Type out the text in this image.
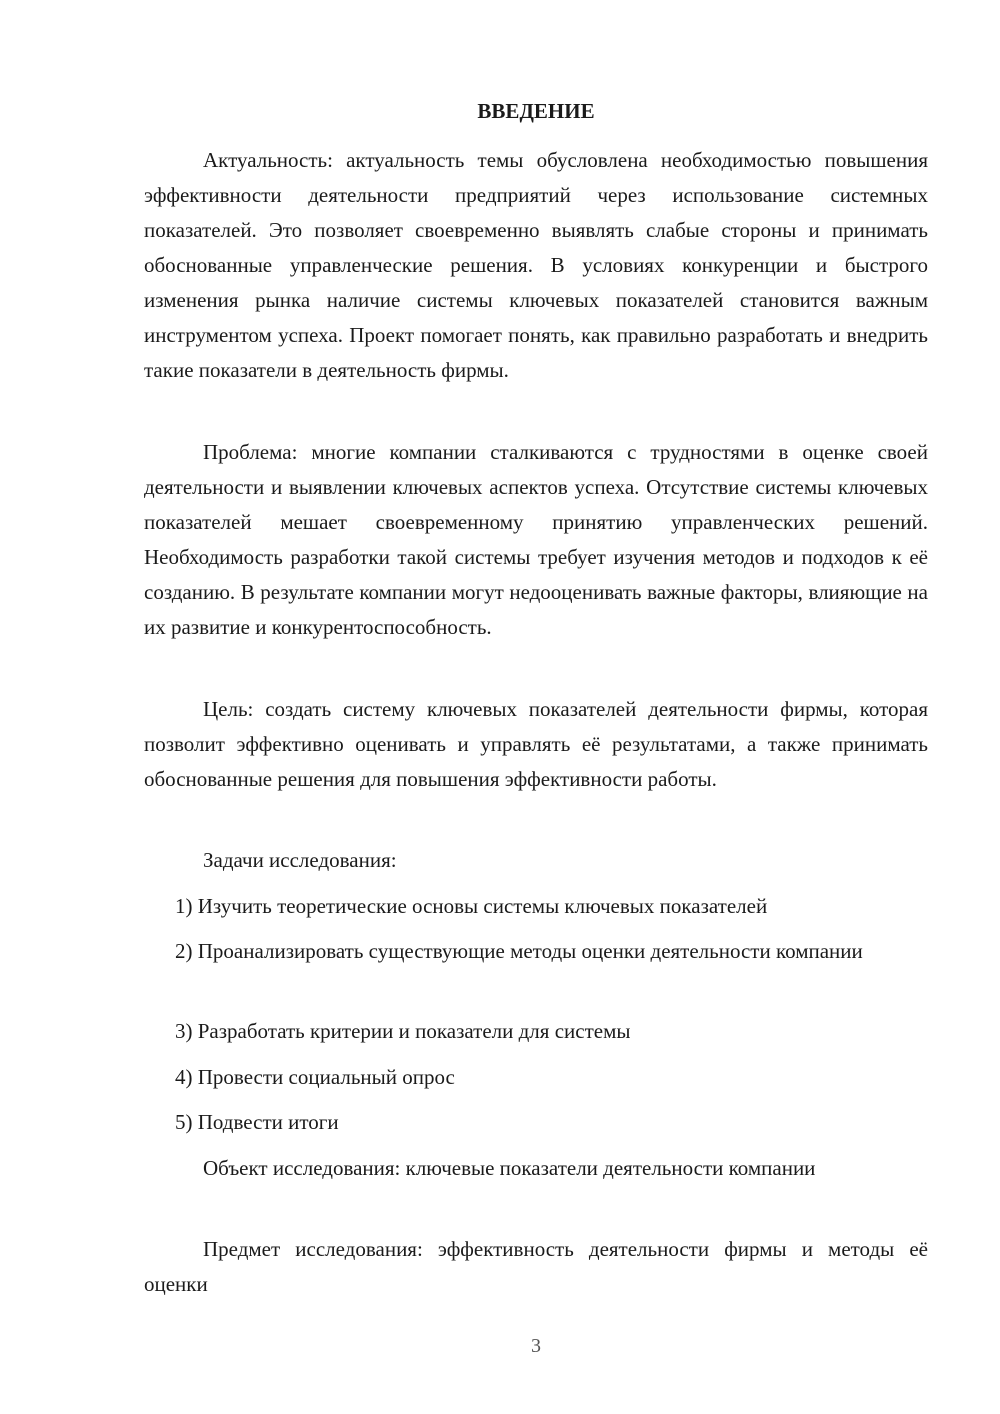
ВВЕДЕНИЕ

Актуальность: актуальность темы обусловлена необходимостью повышения эффективности деятельности предприятий через использование системных показателей. Это позволяет своевременно выявлять слабые стороны и принимать обоснованные управленческие решения. В условиях конкуренции и быстрого изменения рынка наличие системы ключевых показателей становится важным инструментом успеха. Проект помогает понять, как правильно разработать и внедрить такие показатели в деятельность фирмы.

Проблема: многие компании сталкиваются с трудностями в оценке своей деятельности и выявлении ключевых аспектов успеха. Отсутствие системы ключевых показателей мешает своевременному принятию управленческих решений. Необходимость разработки такой системы требует изучения методов и подходов к её созданию. В результате компании могут недооценивать важные факторы, влияющие на их развитие и конкурентоспособность.

Цель: создать систему ключевых показателей деятельности фирмы, которая позволит эффективно оценивать и управлять её результатами, а также принимать обоснованные решения для повышения эффективности работы.

Задачи исследования:

1) Изучить теоретические основы системы ключевых показателей

2) Проанализировать существующие методы оценки деятельности компании

3) Разработать критерии и показатели для системы

4) Провести социальный опрос

5) Подвести итоги

Объект исследования: ключевые показатели деятельности компании

Предмет исследования: эффективность деятельности фирмы и методы её оценки

3
